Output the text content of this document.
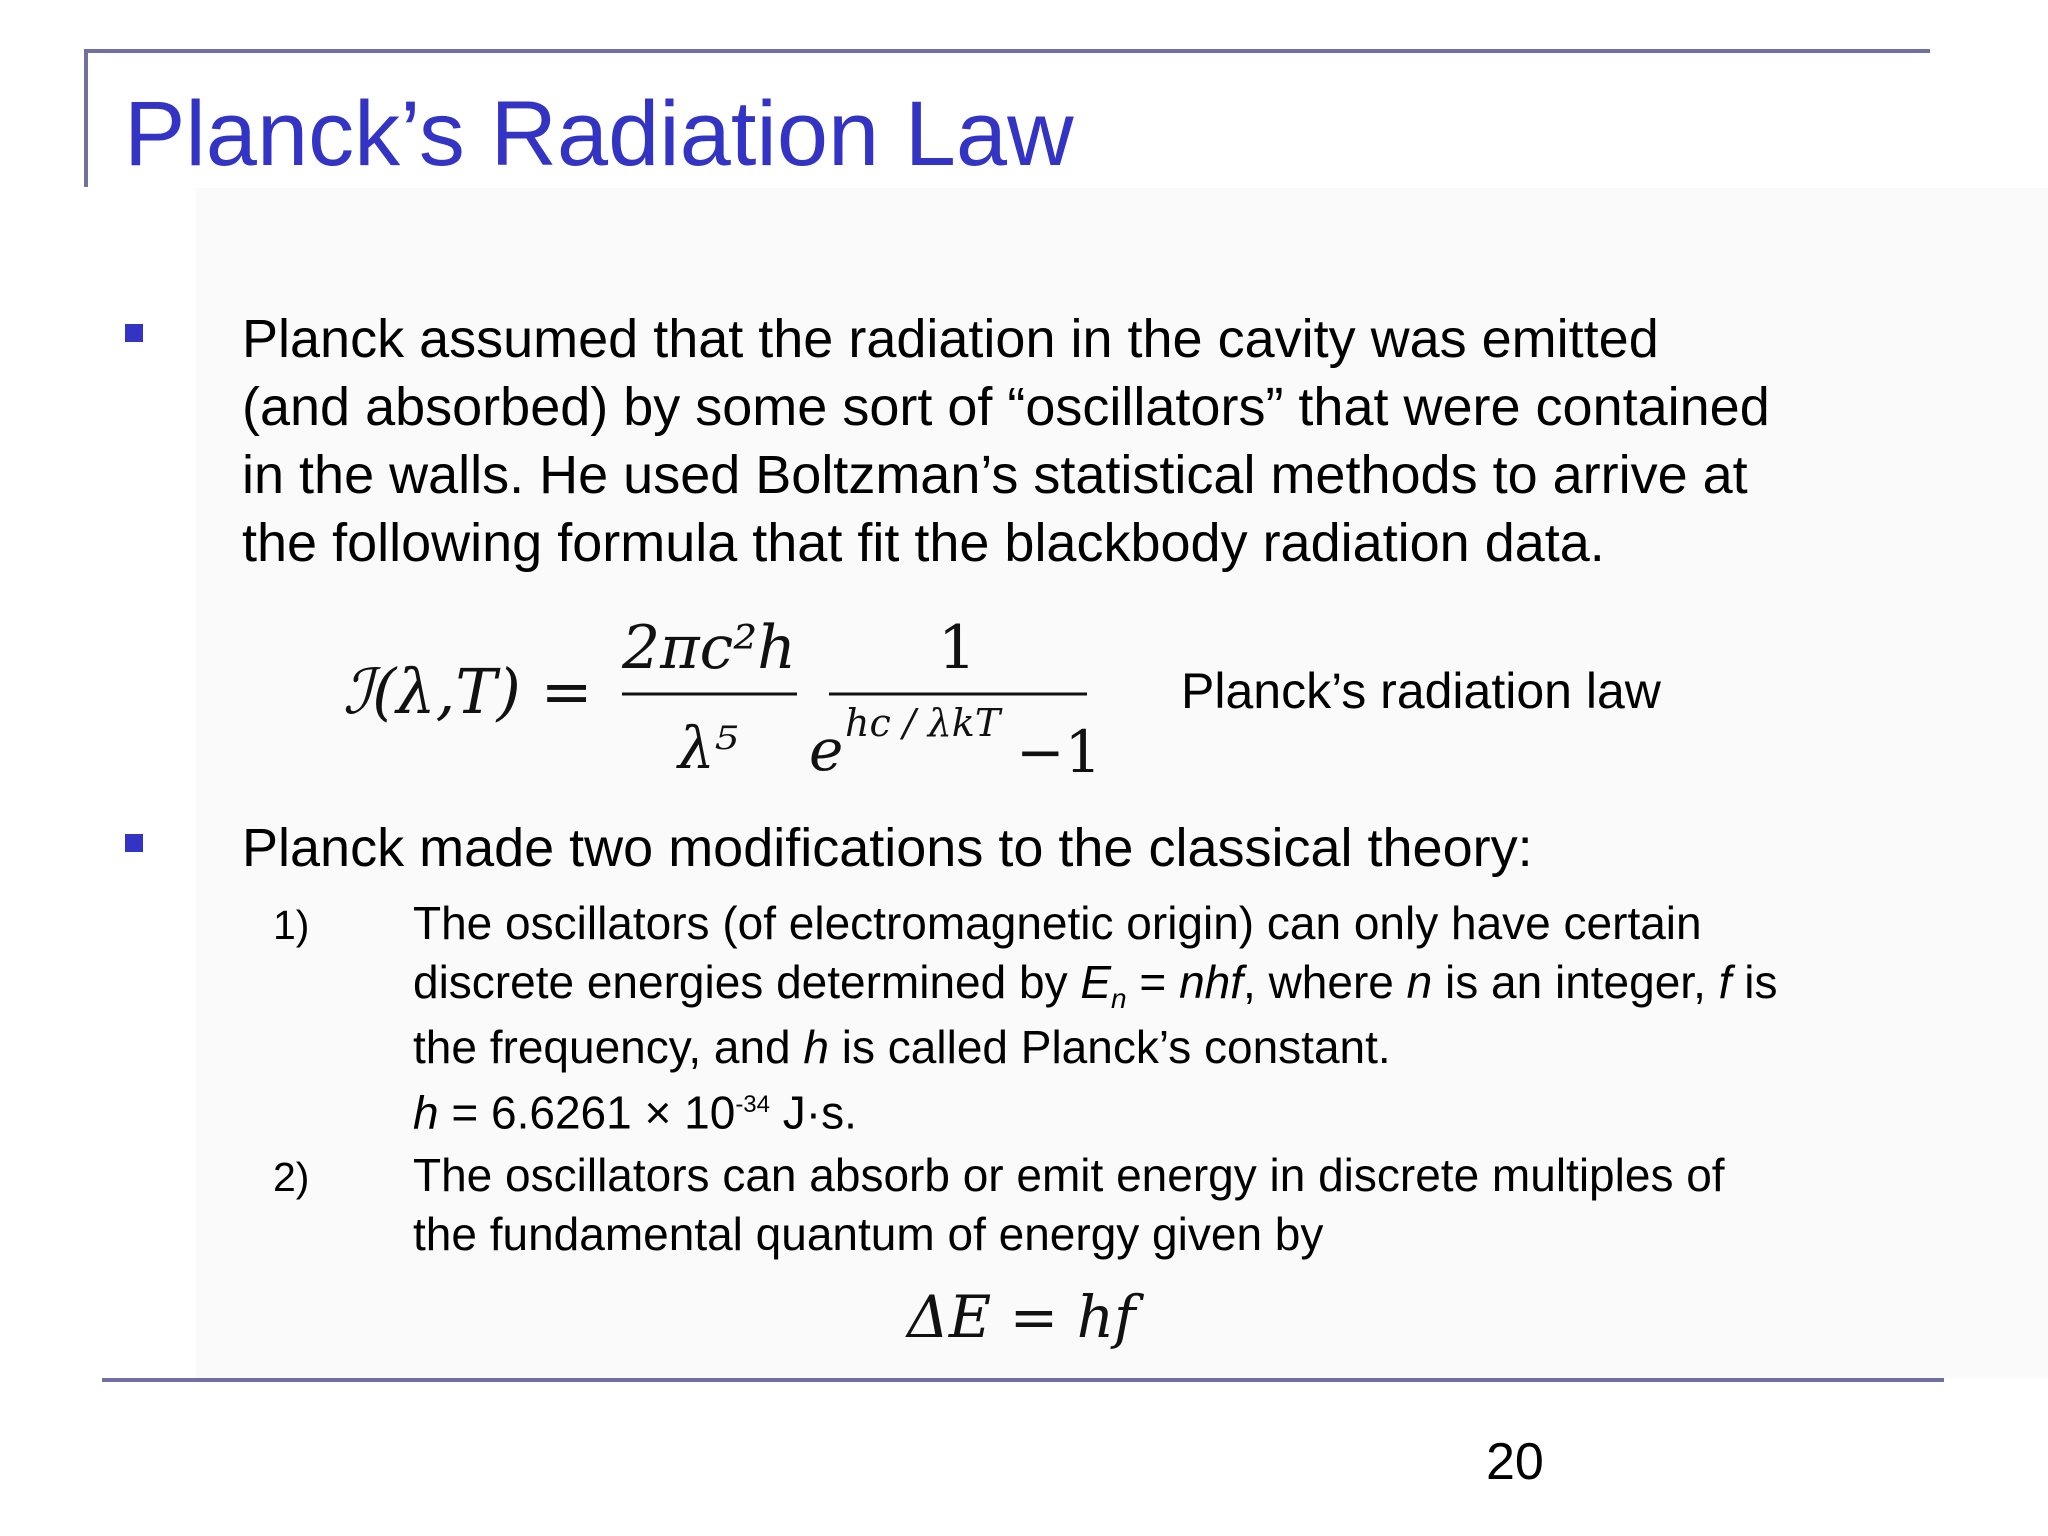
Planck’s Radiation Law
Planck assumed that the radiation in the cavity was emitted
(and absorbed) by some sort of “oscillators” that were contained
in the walls. He used Boltzman’s statistical methods to arrive at
the following formula that fit the blackbody radiation data.
ℐ(λ,T) =
2πc²h
λ⁵
1
e hc / λkT −1
Planck’s radiation law
Planck made two modifications to the classical theory:
1) The oscillators (of electromagnetic origin) can only have certain
discrete energies determined by $E_n$ = nhf, where n is an integer, f is
the frequency, and h is called Planck’s constant.
$h = 6.6261 \times 10^{-34}$ J·s.
2) The oscillators can absorb or emit energy in discrete multiples of
the fundamental quantum of energy given by
ΔE = hf
20
